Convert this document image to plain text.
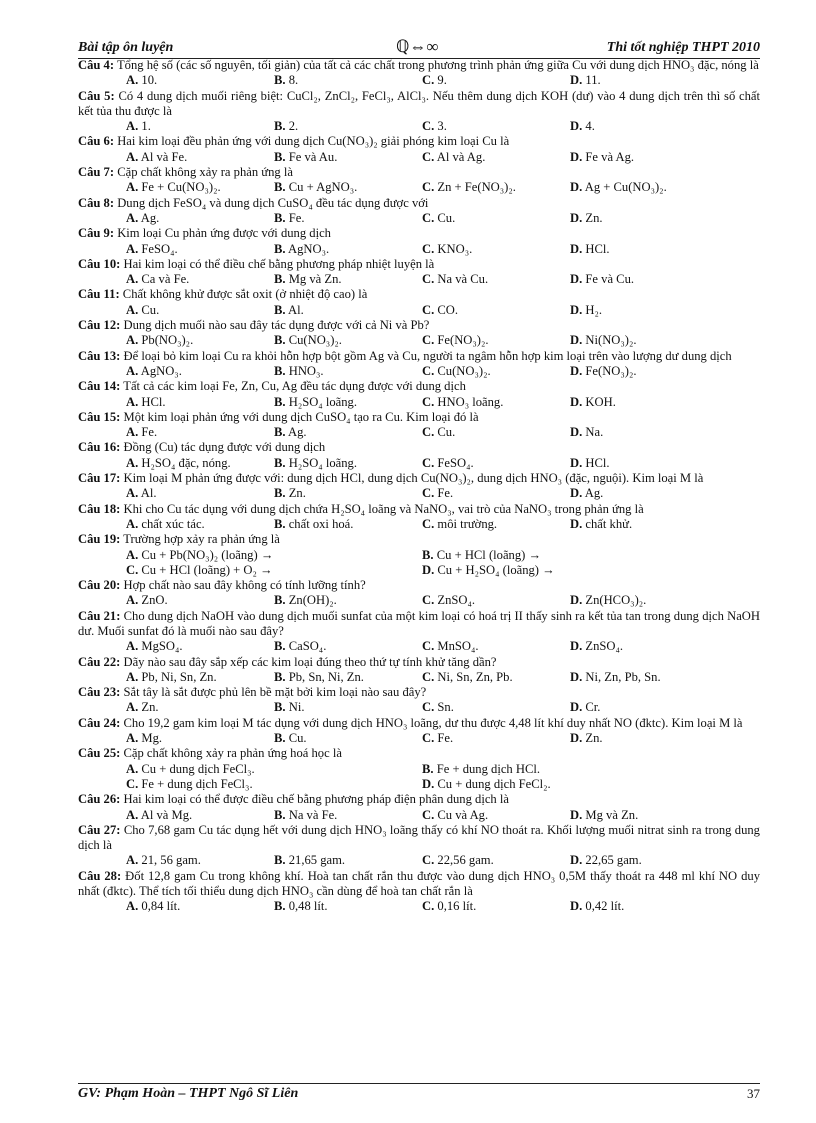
Bài tập ôn luyện	ℚ⇔∞	Thi tốt nghiệp THPT 2010
Câu 4: Tổng hệ số (các số nguyên, tối giản) của tất cả các chất trong phương trình phản ứng giữa Cu với dung dịch HNO₃ đặc, nóng là
A. 10.	B. 8.	C. 9.	D. 11.
Câu 5: Có 4 dung dịch muối riêng biệt: CuCl₂, ZnCl₂, FeCl₃, AlCl₃. Nếu thêm dung dịch KOH (dư) vào 4 dung dịch trên thì số chất kết tủa thu được là
A. 1.	B. 2.	C. 3.	D. 4.
Câu 6: Hai kim loại đều phản ứng với dung dịch Cu(NO₃)₂ giải phóng kim loại Cu là
A. Al và Fe.	B. Fe và Au.	C. Al và Ag.	D. Fe và Ag.
Câu 7: Cặp chất không xảy ra phản ứng là
A. Fe + Cu(NO₃)₂.	B. Cu + AgNO₃.	C. Zn + Fe(NO₃)₂.	D. Ag + Cu(NO₃)₂.
Câu 8: Dung dịch FeSO₄ và dung dịch CuSO₄ đều tác dụng được với
A. Ag.	B. Fe.	C. Cu.	D. Zn.
Câu 9: Kim loại Cu phản ứng được với dung dịch
A. FeSO₄.	B. AgNO₃.	C. KNO₃.	D. HCl.
Câu 10: Hai kim loại có thể điều chế bằng phương pháp nhiệt luyện là
A. Ca và Fe.	B. Mg và Zn.	C. Na và Cu.	D. Fe và Cu.
Câu 11: Chất không khử được sắt oxit (ở nhiệt độ cao) là
A. Cu.	B. Al.	C. CO.	D. H₂.
Câu 12: Dung dịch muối nào sau đây tác dụng được với cả Ni và Pb?
A. Pb(NO₃)₂.	B. Cu(NO₃)₂.	C. Fe(NO₃)₂.	D. Ni(NO₃)₂.
Câu 13: Để loại bỏ kim loại Cu ra khỏi hỗn hợp bột gồm Ag và Cu, người ta ngâm hỗn hợp kim loại trên vào lượng dư dung dịch
A. AgNO₃.	B. HNO₃.	C. Cu(NO₃)₂.	D. Fe(NO₃)₂.
Câu 14: Tất cả các kim loại Fe, Zn, Cu, Ag đều tác dụng được với dung dịch
A. HCl.	B. H₂SO₄ loãng.	C. HNO₃ loãng.	D. KOH.
Câu 15: Một kim loại phản ứng với dung dịch CuSO₄ tạo ra Cu. Kim loại đó là
A. Fe.	B. Ag.	C. Cu.	D. Na.
Câu 16: Đồng (Cu) tác dụng được với dung dịch
A. H₂SO₄ đặc, nóng.	B. H₂SO₄ loãng.	C. FeSO₄.	D. HCl.
Câu 17: Kim loại M phản ứng được với: dung dịch HCl, dung dịch Cu(NO₃)₂, dung dịch HNO₃ (đặc, nguội). Kim loại M là
A. Al.	B. Zn.	C. Fe.	D. Ag.
Câu 18: Khi cho Cu tác dụng với dung dịch chứa H₂SO₄ loãng và NaNO₃, vai trò của NaNO₃ trong phản ứng là
A. chất xúc tác.	B. chất oxi hoá.	C. môi trường.	D. chất khử.
Câu 19: Trường hợp xảy ra phản ứng là
A. Cu + Pb(NO₃)₂ (loãng) →	B. Cu + HCl (loãng) →
C. Cu + HCl (loãng) + O₂ →	D. Cu + H₂SO₄ (loãng) →
Câu 20: Hợp chất nào sau đây không có tính lưỡng tính?
A. ZnO.	B. Zn(OH)₂.	C. ZnSO₄.	D. Zn(HCO₃)₂.
Câu 21: Cho dung dịch NaOH vào dung dịch muối sunfat của một kim loại có hoá trị II thấy sinh ra kết tủa tan trong dung dịch NaOH dư. Muối sunfat đó là muối nào sau đây?
A. MgSO₄.	B. CaSO₄.	C. MnSO₄.	D. ZnSO₄.
Câu 22: Dãy nào sau đây sắp xếp các kim loại đúng theo thứ tự tính khử tăng dần?
A. Pb, Ni, Sn, Zn.	B. Pb, Sn, Ni, Zn.	C. Ni, Sn, Zn, Pb.	D. Ni, Zn, Pb, Sn.
Câu 23: Sắt tây là sắt được phủ lên bề mặt bởi kim loại nào sau đây?
A. Zn.	B. Ni.	C. Sn.	D. Cr.
Câu 24: Cho 19,2 gam kim loại M tác dụng với dung dịch HNO₃ loãng, dư thu được 4,48 lít khí duy nhất NO (đktc). Kim loại M là
A. Mg.	B. Cu.	C. Fe.	D. Zn.
Câu 25: Cặp chất không xảy ra phản ứng hoá học là
A. Cu + dung dịch FeCl₃.	B. Fe + dung dịch HCl.
C. Fe + dung dịch FeCl₃.	D. Cu + dung dịch FeCl₂.
Câu 26: Hai kim loại có thể được điều chế bằng phương pháp điện phân dung dịch là
A. Al và Mg.	B. Na và Fe.	C. Cu và Ag.	D. Mg và Zn.
Câu 27: Cho 7,68 gam Cu tác dụng hết với dung dịch HNO₃ loãng thấy có khí NO thoát ra. Khối lượng muối nitrat sinh ra trong dung dịch là
A. 21, 56 gam.	B. 21,65 gam.	C. 22,56 gam.	D. 22,65 gam.
Câu 28: Đốt 12,8 gam Cu trong không khí. Hoà tan chất rắn thu được vào dung dịch HNO₃ 0,5M thấy thoát ra 448 ml khí NO duy nhất (đktc). Thể tích tối thiểu dung dịch HNO₃ cần dùng để hoà tan chất rắn là
A. 0,84 lít.	B. 0,48 lít.	C. 0,16 lít.	D. 0,42 lít.
GV: Phạm Hoàn – THPT Ngô Sĩ Liên	37
